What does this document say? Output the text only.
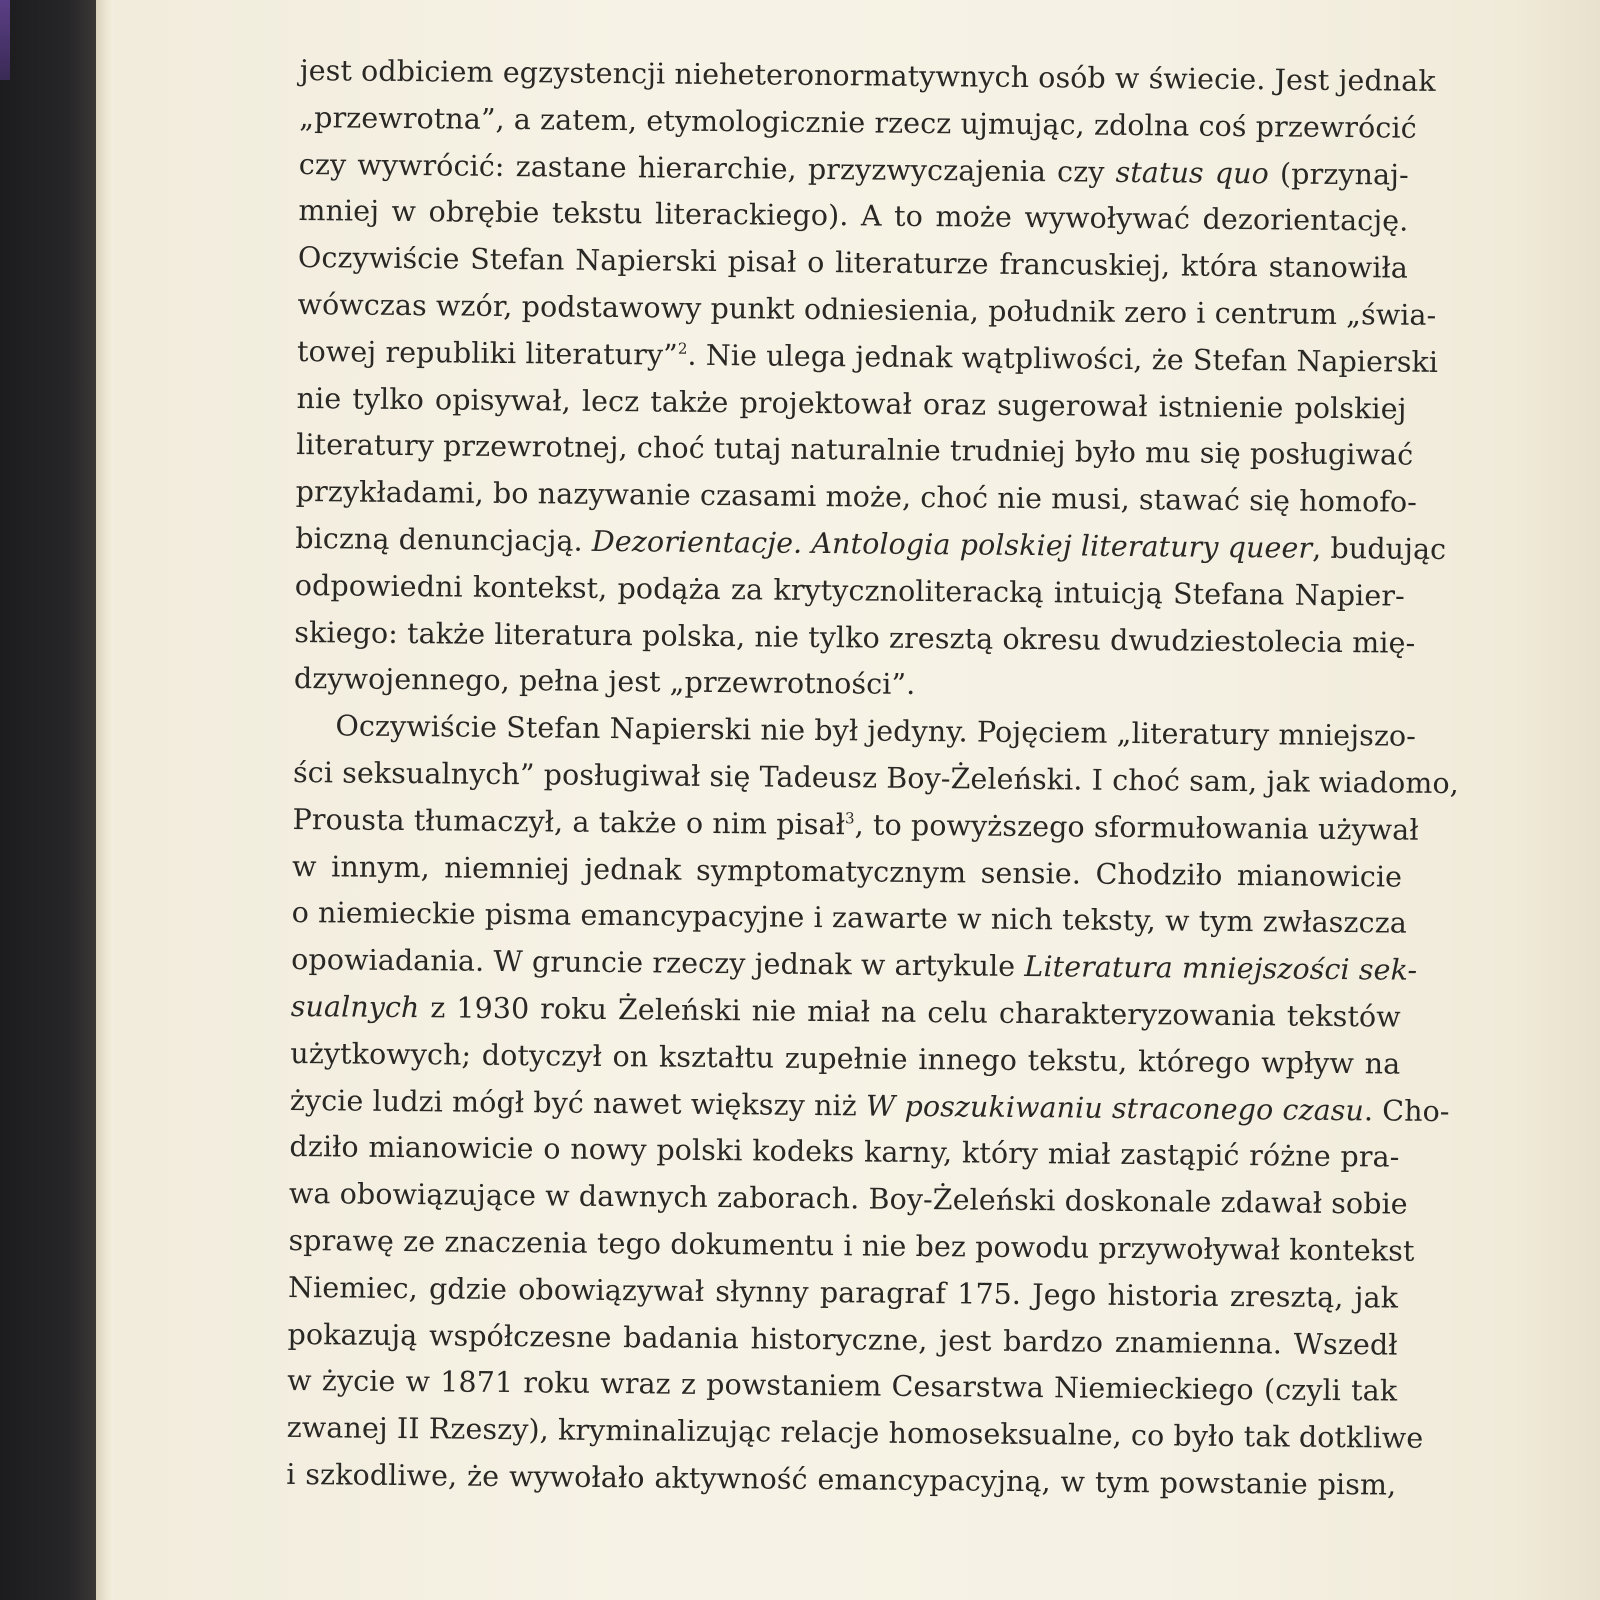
jest odbiciem egzystencji nieheteronormatywnych osób w świecie. Jest jednak
„przewrotna”, a zatem, etymologicznie rzecz ujmując, zdolna coś przewrócić
czy wywrócić: zastane hierarchie, przyzwyczajenia czy status quo (przynaj-
mniej w obrębie tekstu literackiego). A to może wywoływać dezorientację.
Oczywiście Stefan Napierski pisał o literaturze francuskiej, która stanowiła
wówczas wzór, podstawowy punkt odniesienia, południk zero i centrum „świa-
towej republiki literatury”$^2$. Nie ulega jednak wątpliwości, że Stefan Napierski
nie tylko opisywał, lecz także projektował oraz sugerował istnienie polskiej
literatury przewrotnej, choć tutaj naturalnie trudniej było mu się posługiwać
przykładami, bo nazywanie czasami może, choć nie musi, stawać się homofo-
biczną denuncjacją. Dezorientacje. Antologia polskiej literatury queer, budując
odpowiedni kontekst, podąża za krytycznoliteracką intuicją Stefana Napier-
skiego: także literatura polska, nie tylko zresztą okresu dwudziestolecia mię-
dzywojennego, pełna jest „przewrotności”.
Oczywiście Stefan Napierski nie był jedyny. Pojęciem „literatury mniejszo-
ści seksualnych” posługiwał się Tadeusz Boy-Żeleński. I choć sam, jak wiadomo,
Prousta tłumaczył, a także o nim pisał$^3$, to powyższego sformułowania używał
w innym, niemniej jednak symptomatycznym sensie. Chodziło mianowicie
o niemieckie pisma emancypacyjne i zawarte w nich teksty, w tym zwłaszcza
opowiadania. W gruncie rzeczy jednak w artykule Literatura mniejszości sek-
sualnych z 1930 roku Żeleński nie miał na celu charakteryzowania tekstów
użytkowych; dotyczył on kształtu zupełnie innego tekstu, którego wpływ na
życie ludzi mógł być nawet większy niż W poszukiwaniu straconego czasu. Cho-
dziło mianowicie o nowy polski kodeks karny, który miał zastąpić różne pra-
wa obowiązujące w dawnych zaborach. Boy-Żeleński doskonale zdawał sobie
sprawę ze znaczenia tego dokumentu i nie bez powodu przywoływał kontekst
Niemiec, gdzie obowiązywał słynny paragraf 175. Jego historia zresztą, jak
pokazują współczesne badania historyczne, jest bardzo znamienna. Wszedł
w życie w 1871 roku wraz z powstaniem Cesarstwa Niemieckiego (czyli tak
zwanej II Rzeszy), kryminalizując relacje homoseksualne, co było tak dotkliwe
i szkodliwe, że wywołało aktywność emancypacyjną, w tym powstanie pism,
